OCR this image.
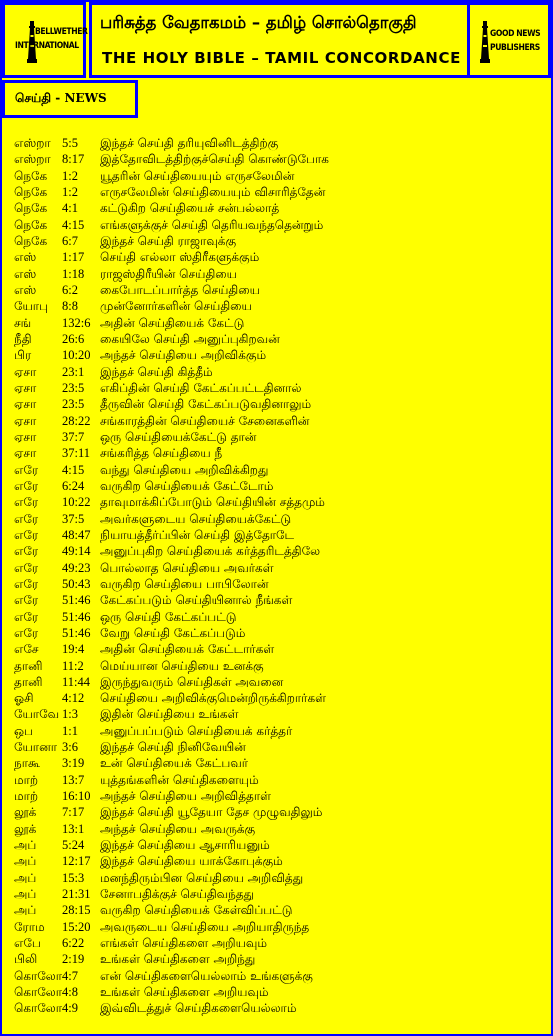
BELLWETHER
INTERNATIONAL
பரிசுத்த வேதாகமம் – தமிழ் சொல்தொகுதி
THE HOLY BIBLE – TAMIL CONCORDANCE
GOOD NEWS
PUBLISHERS
செய்தி - NEWS
எஸ்றா 5:5 இந்தச் செய்தி தரியுவினிடத்திற்கு
எஸ்றா 8:17 இத்தோவிடத்திற்குச்செய்தி கொண்டுபோக
நெகே 1:2 யூதரின் செய்தியையும் எருசலேமின்
நெகே 1:2 எருசலேமின் செய்தியையும் விசாரித்தேன்
நெகே 4:1 கட்டுகிற செய்தியைச் சன்பல்லாத்
நெகே 4:15 எங்களுக்குச் செய்தி தெரியவந்ததென்றும்
நெகே 6:7 இந்தச் செய்தி ராஜாவுக்கு
எஸ் 1:17 செய்தி எல்லா ஸ்திரீகளுக்கும்
எஸ் 1:18 ராஜஸ்திரீயின் செய்தியை
எஸ் 6:2 கைபோடப்பார்த்த செய்தியை
யோபு 8:8 முன்னோர்களின் செய்தியை
சங் 132:6 அதின் செய்தியைக் கேட்டு
நீதி 26:6 கையிலே செய்தி அனுப்புகிறவன்
பிர 10:20 அந்தச் செய்தியை அறிவிக்கும்
ஏசா 23:1 இந்தச் செய்தி கித்தீம்
ஏசா 23:5 எகிப்தின் செய்தி கேட்கப்பட்டதினால்
ஏசா 23:5 தீருவின் செய்தி கேட்கப்படுவதினாலும்
ஏசா 28:22 சங்காரத்தின் செய்தியைச் சேனைகளின்
ஏசா 37:7 ஒரு செய்தியைக்கேட்டு தான்
ஏசா 37:11 சங்கரித்த செய்தியை நீ
எரே 4:15 வந்து செய்தியை அறிவிக்கிறது
எரே 6:24 வருகிற செய்தியைக் கேட்டோம்
எரே 10:22 தாவுமாக்கிப்போடும் செய்தியின் சத்தமும்
எரே 37:5 அவர்களுடைய செய்தியைக்கேட்டு
எரே 48:47 நியாயத்தீர்ப்பின் செய்தி இத்தோடே
எரே 49:14 அனுப்புகிற செய்தியைக் கர்த்தரிடத்திலே
எரே 49:23 பொல்லாத செய்தியை அவர்கள்
எரே 50:43 வருகிற செய்தியை பாபிலோன்
எரே 51:46 கேட்கப்படும் செய்தியினால் நீங்கள்
எரே 51:46 ஒரு செய்தி கேட்கப்பட்டு
எரே 51:46 வேறு செய்தி கேட்கப்படும்
எசே 19:4 அதின் செய்தியைக் கேட்டார்கள்
தானி 11:2 மெய்யான செய்தியை உனக்கு
தானி 11:44 இருந்துவரும் செய்திகள் அவனை
ஓசி 4:12 செய்தியை அறிவிக்குமென்றிருக்கிறார்கள்
யோவே 1:3 இதின் செய்தியை உங்கள்
ஒப 1:1 அனுப்பப்படும் செய்தியைக் கர்த்தர்
யோனா 3:6 இந்தச் செய்தி நினிவேயின்
நாகூ 3:19 உன் செய்தியைக் கேட்பவர்
மாற் 13:7 யுத்தங்களின் செய்திகளையும்
மாற் 16:10 அந்தச் செய்தியை அறிவித்தாள்
லூக் 7:17 இந்தச் செய்தி யூதேயா தேச முழுவதிலும்
லூக் 13:1 அந்தச் செய்தியை அவருக்கு
அப் 5:24 இந்தச் செய்தியை ஆசாரியனும்
அப் 12:17 இந்தச் செய்தியை யாக்கோபுக்கும்
அப் 15:3 மனந்திரும்பின செய்தியை அறிவித்து
அப் 21:31 சேனாபதிக்குச் செய்திவந்தது
அப் 28:15 வருகிற செய்தியைக் கேள்விப்பட்டு
ரோம 15:20 அவருடைய செய்தியை அறியாதிருந்த
எபே 6:22 எங்கள் செய்திகளை அறியவும்
பிலி 2:19 உங்கள் செய்திகளை அறிந்து
கொலோ 4:7 என் செய்திகளையெல்லாம் உங்களுக்கு
கொலோ 4:8 உங்கள் செய்திகளை அறியவும்
கொலோ 4:9 இவ்விடத்துச் செய்திகளையெல்லாம்
